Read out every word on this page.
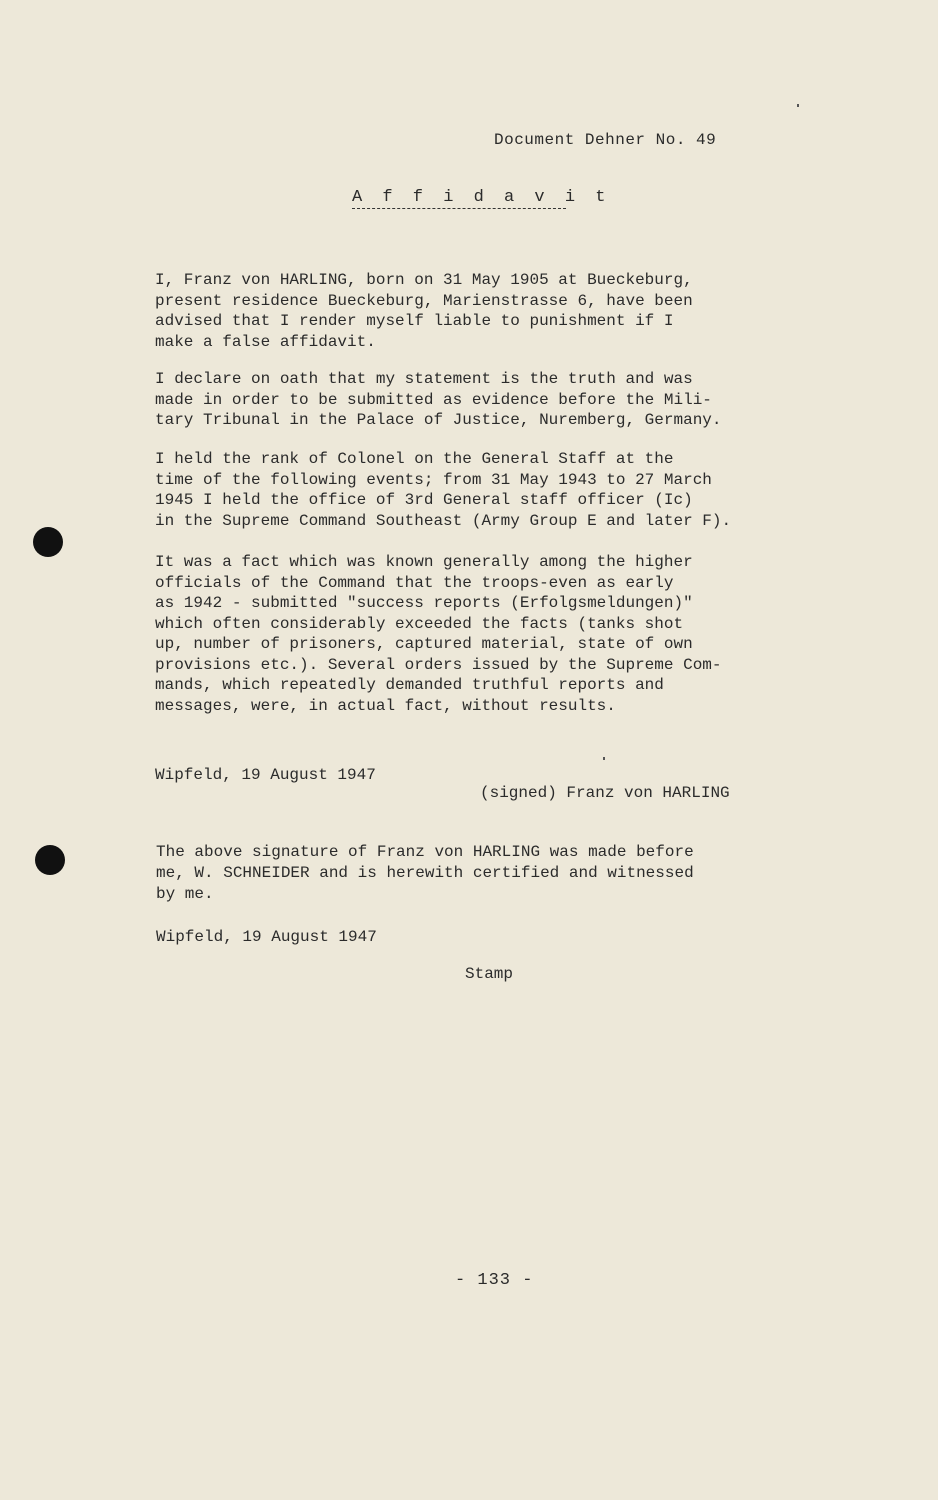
Document Dehner No. 49
A f f i d a v i t
I, Franz von HARLING, born on 31 May 1905 at Bueckeburg,
present residence Bueckeburg, Marienstrasse 6, have been
advised that I render myself liable to punishment if I
make a false affidavit.
I declare on oath that my statement is the truth and was
made in order to be submitted as evidence before the Mili-
tary Tribunal in the Palace of Justice, Nuremberg, Germany.
I held the rank of Colonel on the General Staff at the
time of the following events; from 31 May 1943 to 27 March
1945 I held the office of 3rd General staff officer (Ic)
in the Supreme Command Southeast (Army Group E and later F).
It was a fact which was known generally among the higher
officials of the Command that the troops-even as early
as 1942 - submitted "success reports (Erfolgsmeldungen)"
which often considerably exceeded the facts (tanks shot
up, number of prisoners, captured material, state of own
provisions etc.). Several orders issued by the Supreme Com-
mands, which repeatedly demanded truthful reports and
messages, were, in actual fact, without results.
Wipfeld, 19 August 1947
(signed) Franz von HARLING
The above signature of Franz von HARLING was made before
me, W. SCHNEIDER and is herewith certified and witnessed
by me.
Wipfeld, 19 August 1947
Stamp
- 133 -
